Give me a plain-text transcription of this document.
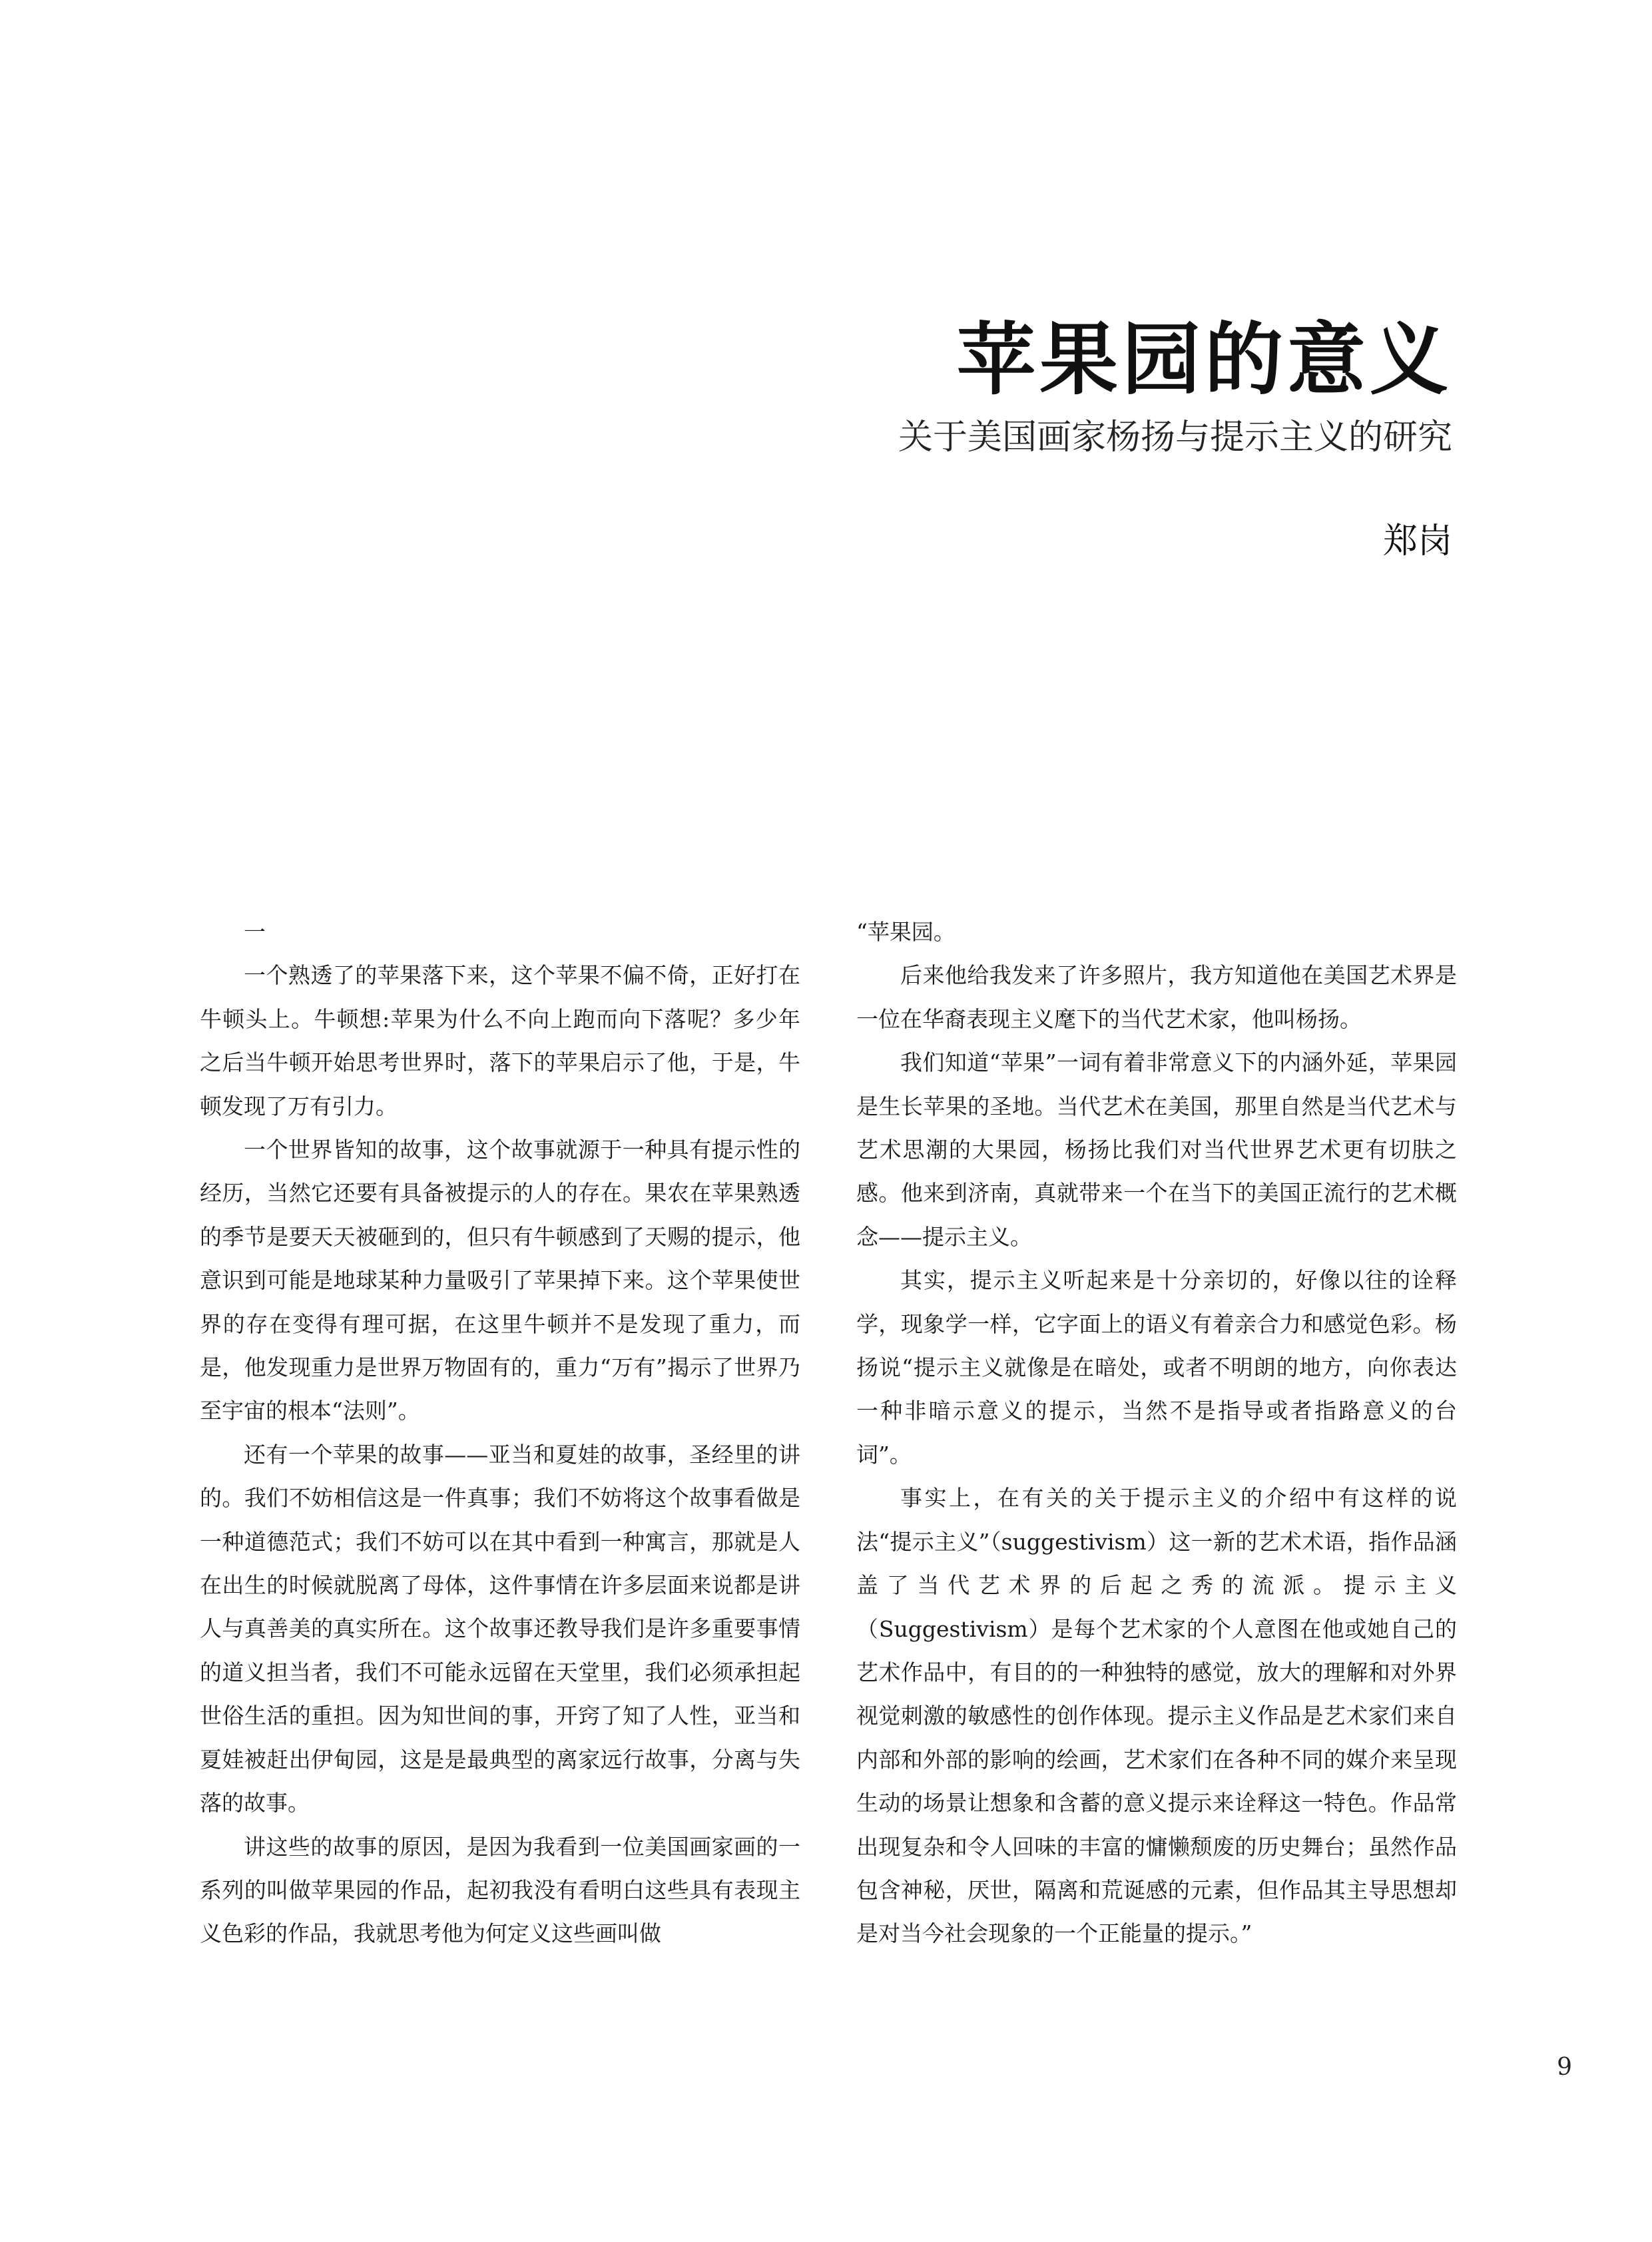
苹果园的意义
关于美国画家杨扬与提示主义的研究
郑岗

一

一个熟透了的苹果落下来，这个苹果不偏不倚，正好打在牛顿头上。牛顿想:苹果为什么不向上跑而向下落呢？多少年之后当牛顿开始思考世界时，落下的苹果启示了他，于是，牛顿发现了万有引力。

一个世界皆知的故事，这个故事就源于一种具有提示性的经历，当然它还要有具备被提示的人的存在。果农在苹果熟透的季节是要天天被砸到的，但只有牛顿感到了天赐的提示，他意识到可能是地球某种力量吸引了苹果掉下来。这个苹果使世界的存在变得有理可据，在这里牛顿并不是发现了重力，而是，他发现重力是世界万物固有的，重力“万有”揭示了世界乃至宇宙的根本“法则”。

还有一个苹果的故事——亚当和夏娃的故事，圣经里的讲的。我们不妨相信这是一件真事；我们不妨将这个故事看做是一种道德范式；我们不妨可以在其中看到一种寓言，那就是人在出生的时候就脱离了母体，这件事情在许多层面来说都是讲人与真善美的真实所在。这个故事还教导我们是许多重要事情的道义担当者，我们不可能永远留在天堂里，我们必须承担起世俗生活的重担。因为知世间的事，开窍了知了人性，亚当和夏娃被赶出伊甸园，这是是最典型的离家远行故事，分离与失落的故事。

讲这些的故事的原因，是因为我看到一位美国画家画的一系列的叫做苹果园的作品，起初我没有看明白这些具有表现主义色彩的作品，我就思考他为何定义这些画叫做

“苹果园。

后来他给我发来了许多照片，我方知道他在美国艺术界是一位在华裔表现主义麾下的当代艺术家，他叫杨扬。

我们知道“苹果”一词有着非常意义下的内涵外延，苹果园是生长苹果的圣地。当代艺术在美国，那里自然是当代艺术与艺术思潮的大果园，杨扬比我们对当代世界艺术更有切肤之感。他来到济南，真就带来一个在当下的美国正流行的艺术概念——提示主义。

其实，提示主义听起来是十分亲切的，好像以往的诠释学，现象学一样，它字面上的语义有着亲合力和感觉色彩。杨扬说“提示主义就像是在暗处，或者不明朗的地方，向你表达一种非暗示意义的提示，当然不是指导或者指路意义的台词”。

事实上，在有关的关于提示主义的介绍中有这样的说法“提示主义”（suggestivism）这一新的艺术术语，指作品涵盖了当代艺术界的后起之秀的流派。提示主义（Suggestivism）是每个艺术家的个人意图在他或她自己的艺术作品中，有目的的一种独特的感觉，放大的理解和对外界视觉刺激的敏感性的创作体现。提示主义作品是艺术家们来自内部和外部的影响的绘画，艺术家们在各种不同的媒介来呈现生动的场景让想象和含蓄的意义提示来诠释这一特色。作品常出现复杂和令人回味的丰富的慵懒颓废的历史舞台；虽然作品包含神秘，厌世，隔离和荒诞感的元素，但作品其主导思想却是对当今社会现象的一个正能量的提示。”

9
